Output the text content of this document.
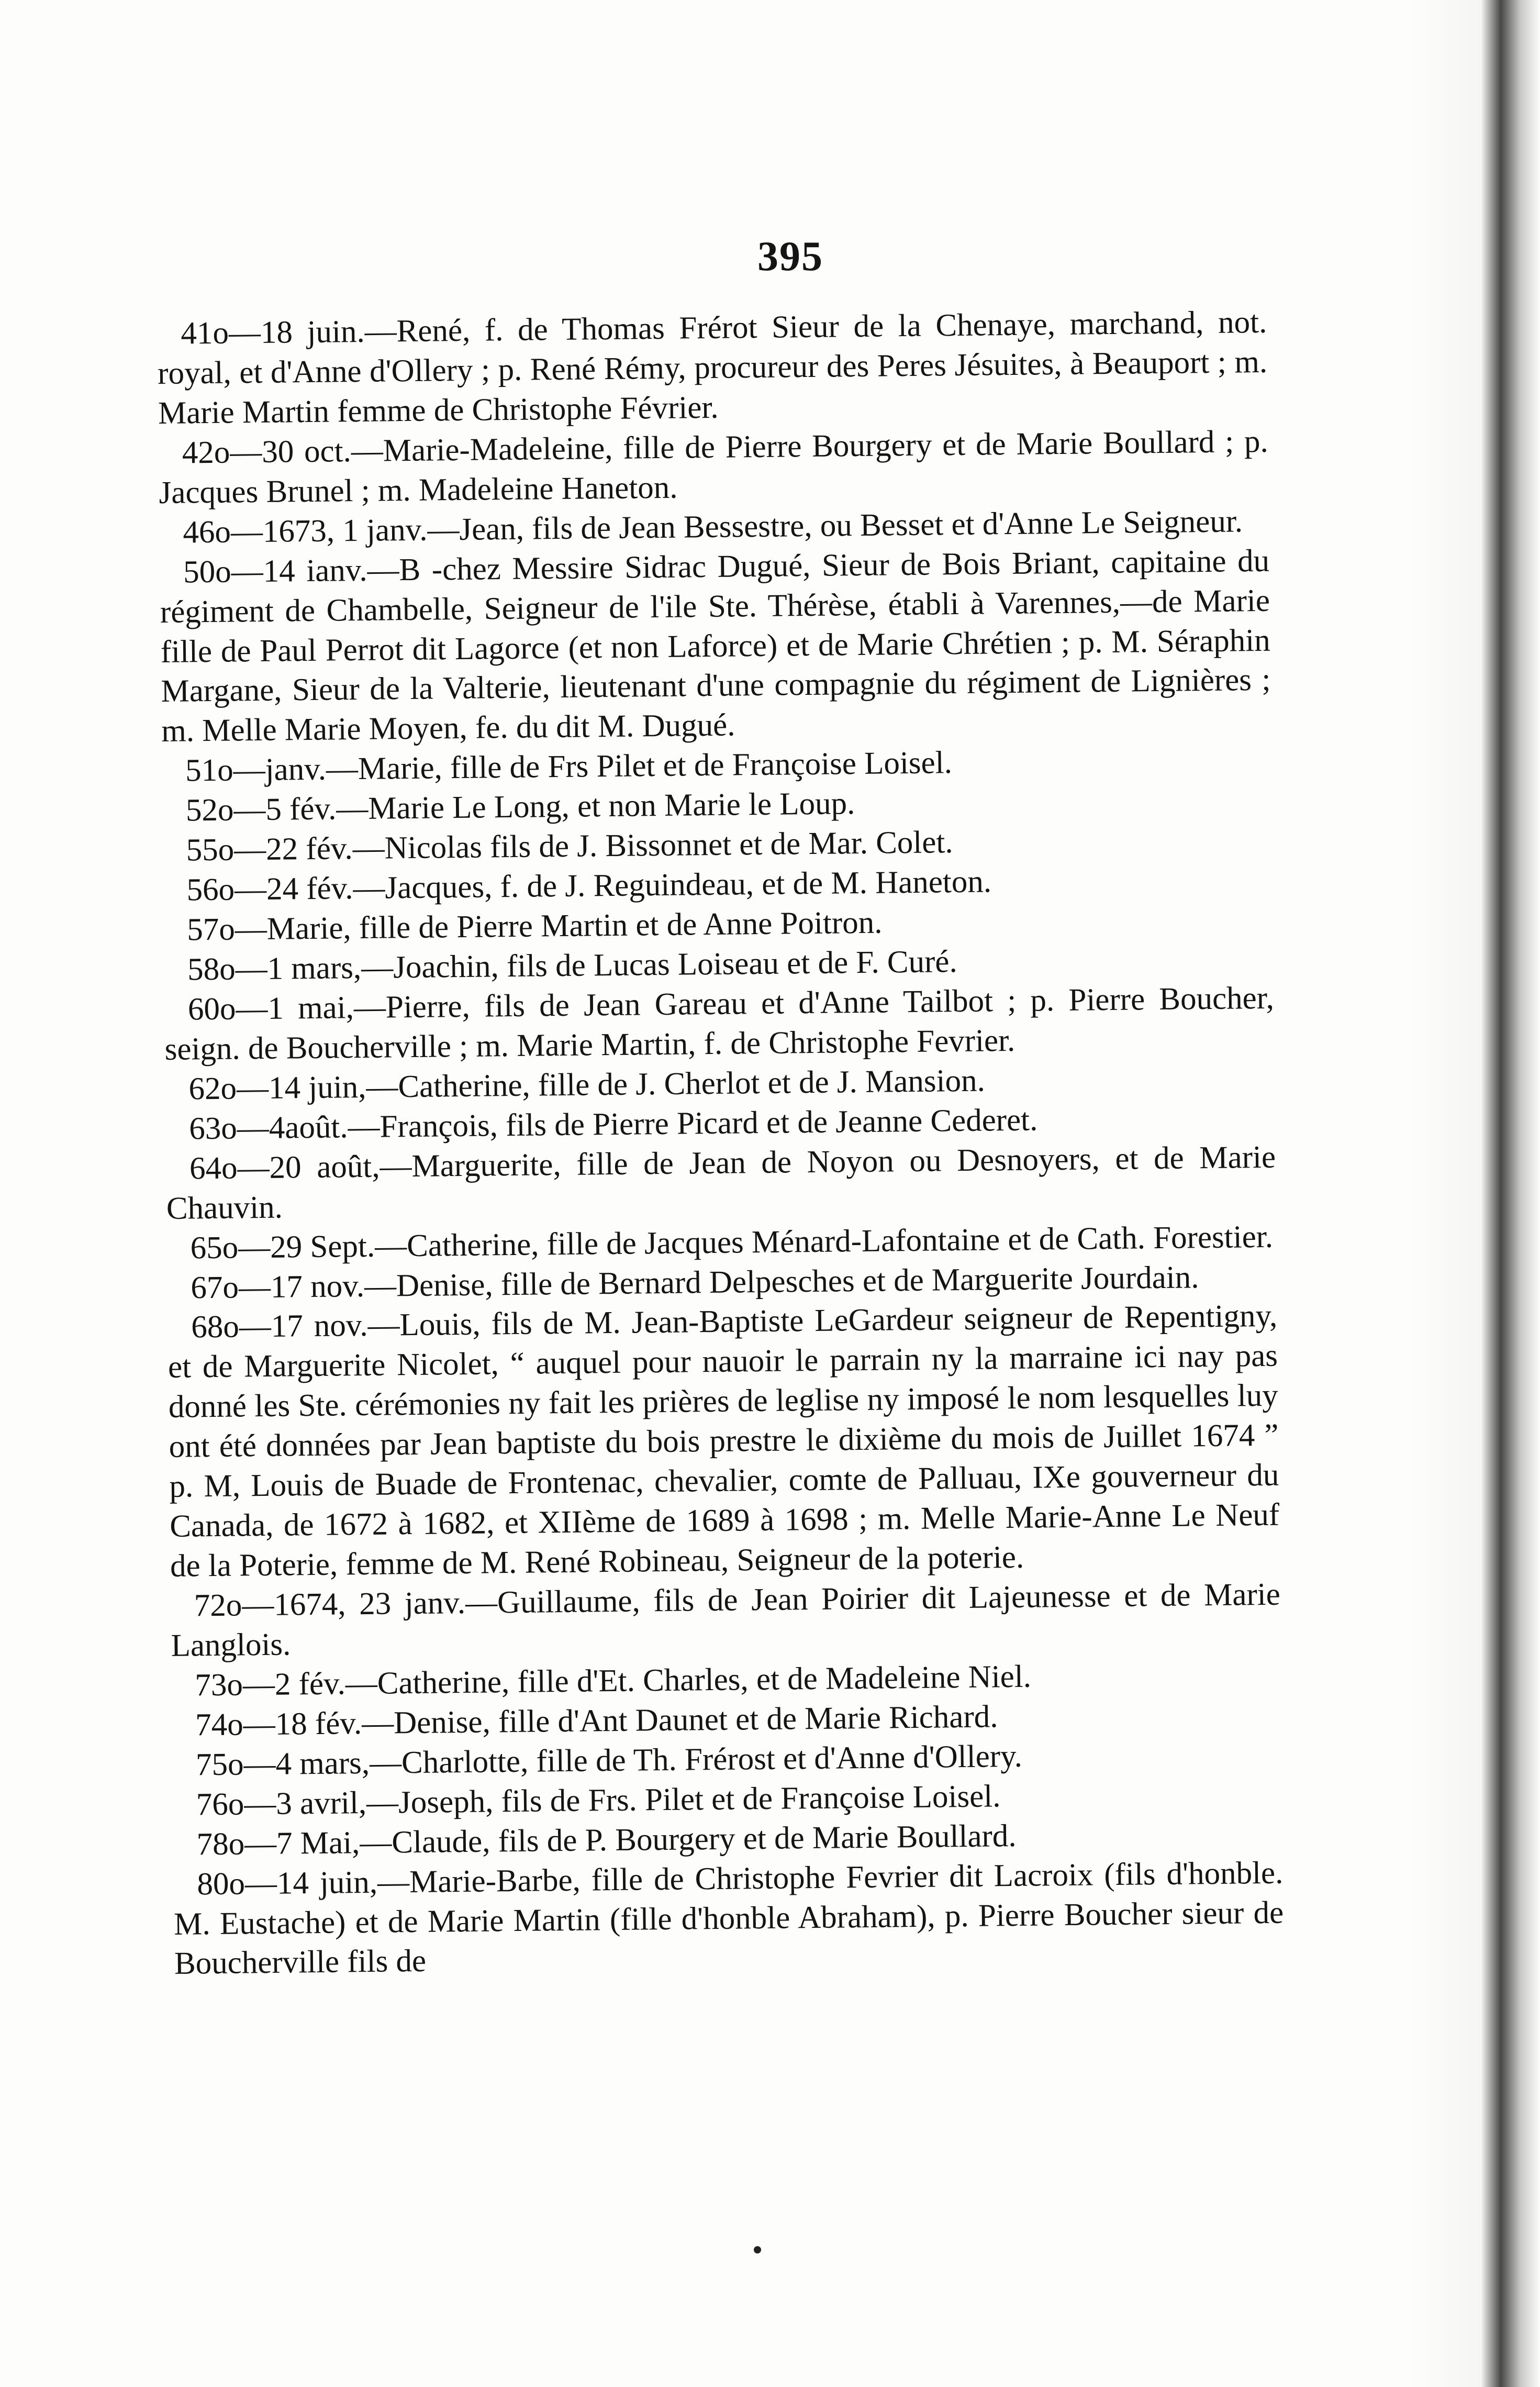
395

41o—18 juin.—René, f. de Thomas Frérot Sieur de la Chenaye, marchand, not. royal, et d'Anne d'Ollery ; p. René Rémy, procureur des Peres Jésuites, à Beauport ; m. Marie Martin femme de Christophe Février.

42o—30 oct.—Marie-Madeleine, fille de Pierre Bourgery et de Marie Boullard ; p. Jacques Brunel ; m. Madeleine Haneton.

46o—1673, 1 janv.—Jean, fils de Jean Bessestre, ou Besset et d'Anne Le Seigneur.

50o—14 ianv.—B -chez Messire Sidrac Dugué, Sieur de Bois Briant, capitaine du régiment de Chambelle, Seigneur de l'ile Ste. Thérèse, établi à Varennes,—de Marie fille de Paul Perrot dit Lagorce (et non Laforce) et de Marie Chrétien ; p. M. Séraphin Margane, Sieur de la Valterie, lieutenant d'une compagnie du régiment de Lignières ; m. Melle Marie Moyen, fe. du dit M. Dugué.

51o—janv.—Marie, fille de Frs Pilet et de Françoise Loisel.

52o—5 fév.—Marie Le Long, et non Marie le Loup.

55o—22 fév.—Nicolas fils de J. Bissonnet et de Mar. Colet.

56o—24 fév.—Jacques, f. de J. Reguindeau, et de M. Haneton.

57o—Marie, fille de Pierre Martin et de Anne Poitron.

58o—1 mars,—Joachin, fils de Lucas Loiseau et de F. Curé.

60o—1 mai,—Pierre, fils de Jean Gareau et d'Anne Tailbot ; p. Pierre Boucher, seign. de Boucherville ; m. Marie Martin, f. de Christophe Fevrier.

62o—14 juin,—Catherine, fille de J. Cherlot et de J. Mansion.

63o—4août.—François, fils de Pierre Picard et de Jeanne Cederet.

64o—20 août,—Marguerite, fille de Jean de Noyon ou Desnoyers, et de Marie Chauvin.

65o—29 Sept.—Catherine, fille de Jacques Ménard-Lafontaine et de Cath. Forestier.

67o—17 nov.—Denise, fille de Bernard Delpesches et de Marguerite Jourdain.

68o—17 nov.—Louis, fils de M. Jean-Baptiste LeGardeur seigneur de Repentigny, et de Marguerite Nicolet, “ auquel pour nauoir le parrain ny la marraine ici nay pas donné les Ste. cérémonies ny fait les prières de leglise ny imposé le nom lesquelles luy ont été données par Jean baptiste du bois prestre le dixième du mois de Juillet 1674 ” p. M, Louis de Buade de Frontenac, chevalier, comte de Palluau, IXe gouverneur du Canada, de 1672 à 1682, et XIIème de 1689 à 1698 ; m. Melle Marie-Anne Le Neuf de la Poterie, femme de M. René Robineau, Seigneur de la poterie.

72o—1674, 23 janv.—Guillaume, fils de Jean Poirier dit Lajeunesse et de Marie Langlois.

73o—2 fév.—Catherine, fille d'Et. Charles, et de Madeleine Niel.

74o—18 fév.—Denise, fille d'Ant Daunet et de Marie Richard.

75o—4 mars,—Charlotte, fille de Th. Frérost et d'Anne d'Ollery.

76o—3 avril,—Joseph, fils de Frs. Pilet et de Françoise Loisel.

78o—7 Mai,—Claude, fils de P. Bourgery et de Marie Boullard.

80o—14 juin,—Marie-Barbe, fille de Christophe Fevrier dit Lacroix (fils d'honble. M. Eustache) et de Marie Martin (fille d'honble Abraham), p. Pierre Boucher sieur de Boucherville fils de
